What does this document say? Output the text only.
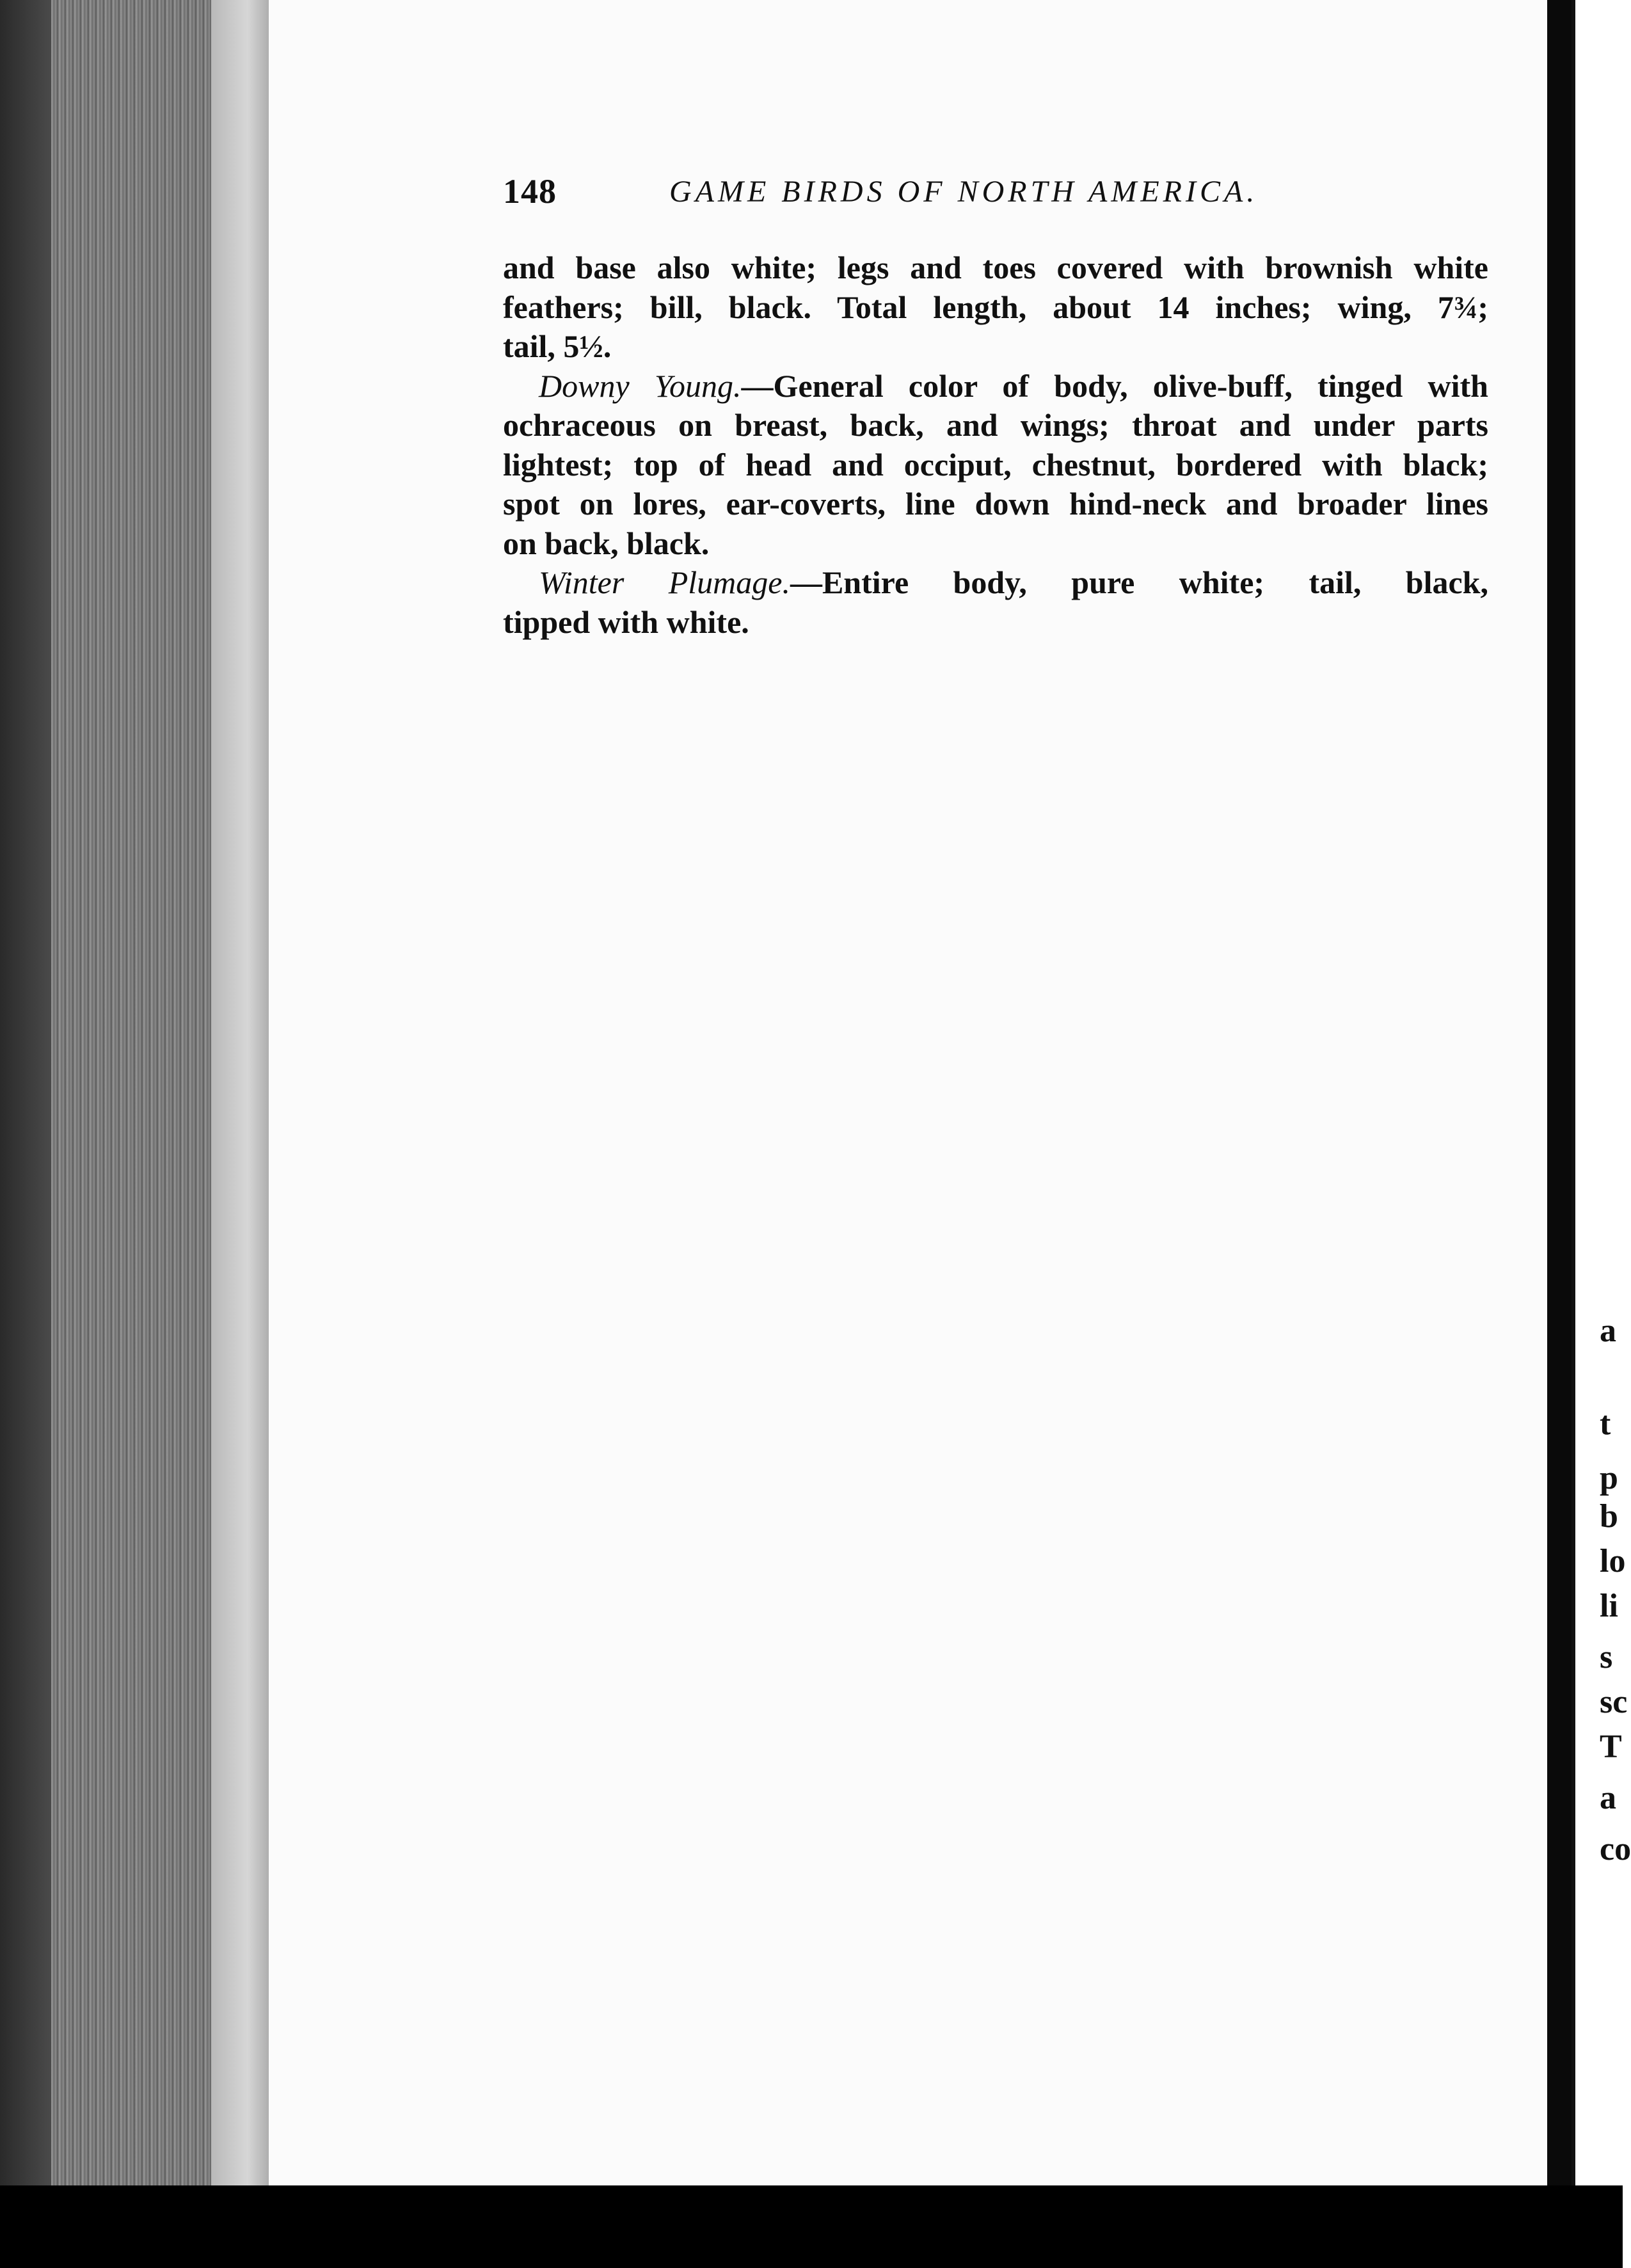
148	GAME BIRDS OF NORTH AMERICA.
and base also white; legs and toes covered with brownish white
feathers; bill, black. Total length, about 14 inches; wing, 7¾;
tail, 5½.
Downy Young.—General color of body, olive-buff, tinged with
ochraceous on breast, back, and wings; throat and under parts
lightest; top of head and occiput, chestnut, bordered with black;
spot on lores, ear-coverts, line down hind-neck and broader lines
on back, black.
Winter Plumage.—Entire body, pure white; tail, black,
tipped with white.
a
t
p
b
lo
li
s
sc
T
a
co
